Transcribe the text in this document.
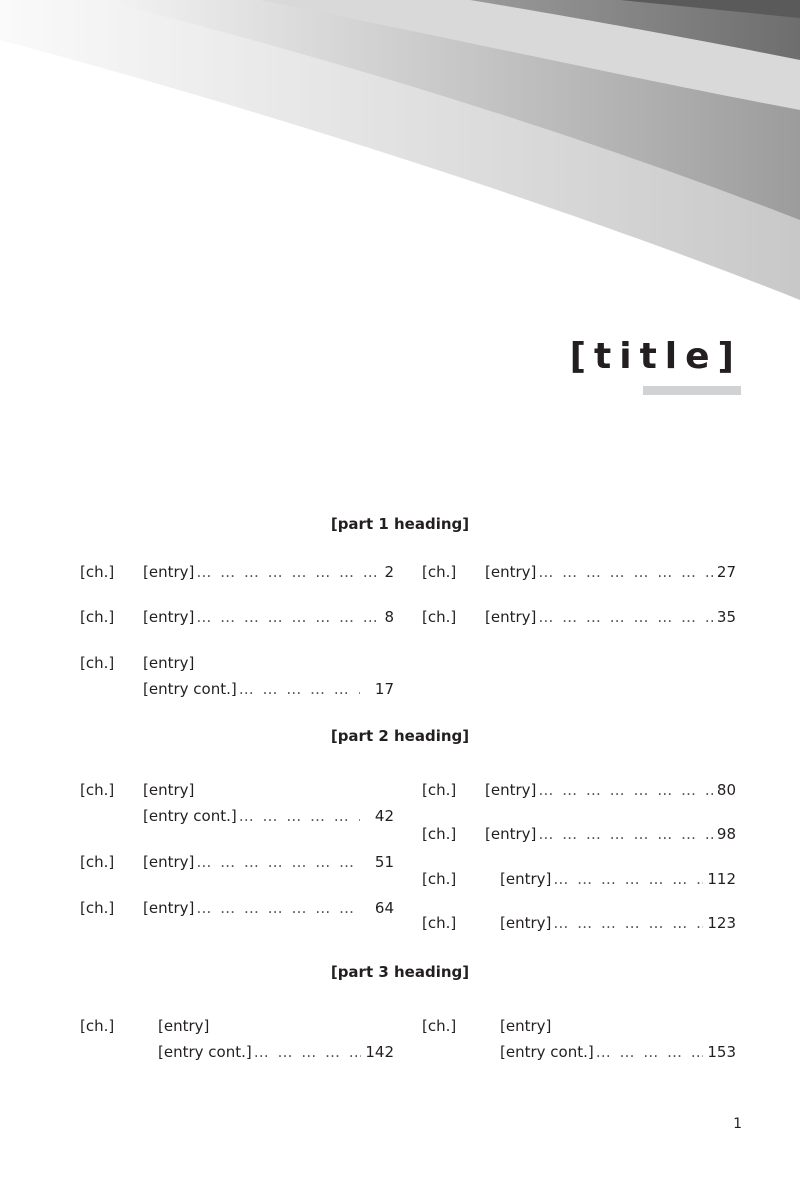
[title]
[part 1 heading]
[ch.]	[entry] … … … … … … … … … … … … … … … … … … … … … … … …	2
[ch.]	[entry] … … … … … … … … … … … … … … … … … … … … … … … …	8
[ch.]	[entry]
[entry cont.] … … … … … … … … … … … … … … … … … … … … … … … …	17
[ch.]	[entry] … … … … … … … … … … … … … … … … … … … … … … … …	27
[ch.]	[entry] … … … … … … … … … … … … … … … … … … … … … … … …	35
[part 2 heading]
[ch.]	[entry]
[entry cont.] … … … … … … … … … … … … … … … … … … … … … … … …	42
[ch.]	[entry] … … … … … … … … … … … … … … … … … … … … … … … …	51
[ch.]	[entry] … … … … … … … … … … … … … … … … … … … … … … … …	64
[ch.]	[entry] … … … … … … … … … … … … … … … … … … … … … … … …	80
[ch.]	[entry] … … … … … … … … … … … … … … … … … … … … … … … …	98
[ch.]	[entry] … … … … … … … … … … … … … … … … … … … … … … … …	112
[ch.]	[entry] … … … … … … … … … … … … … … … … … … … … … … … …	123
[part 3 heading]
[ch.]	[entry]
[entry cont.] … … … … … … … … … … … … … … … … … … … … … … … …	142
[ch.]	[entry]
[entry cont.] … … … … … … … … … … … … … … … … … … … … … … … …	153
1
